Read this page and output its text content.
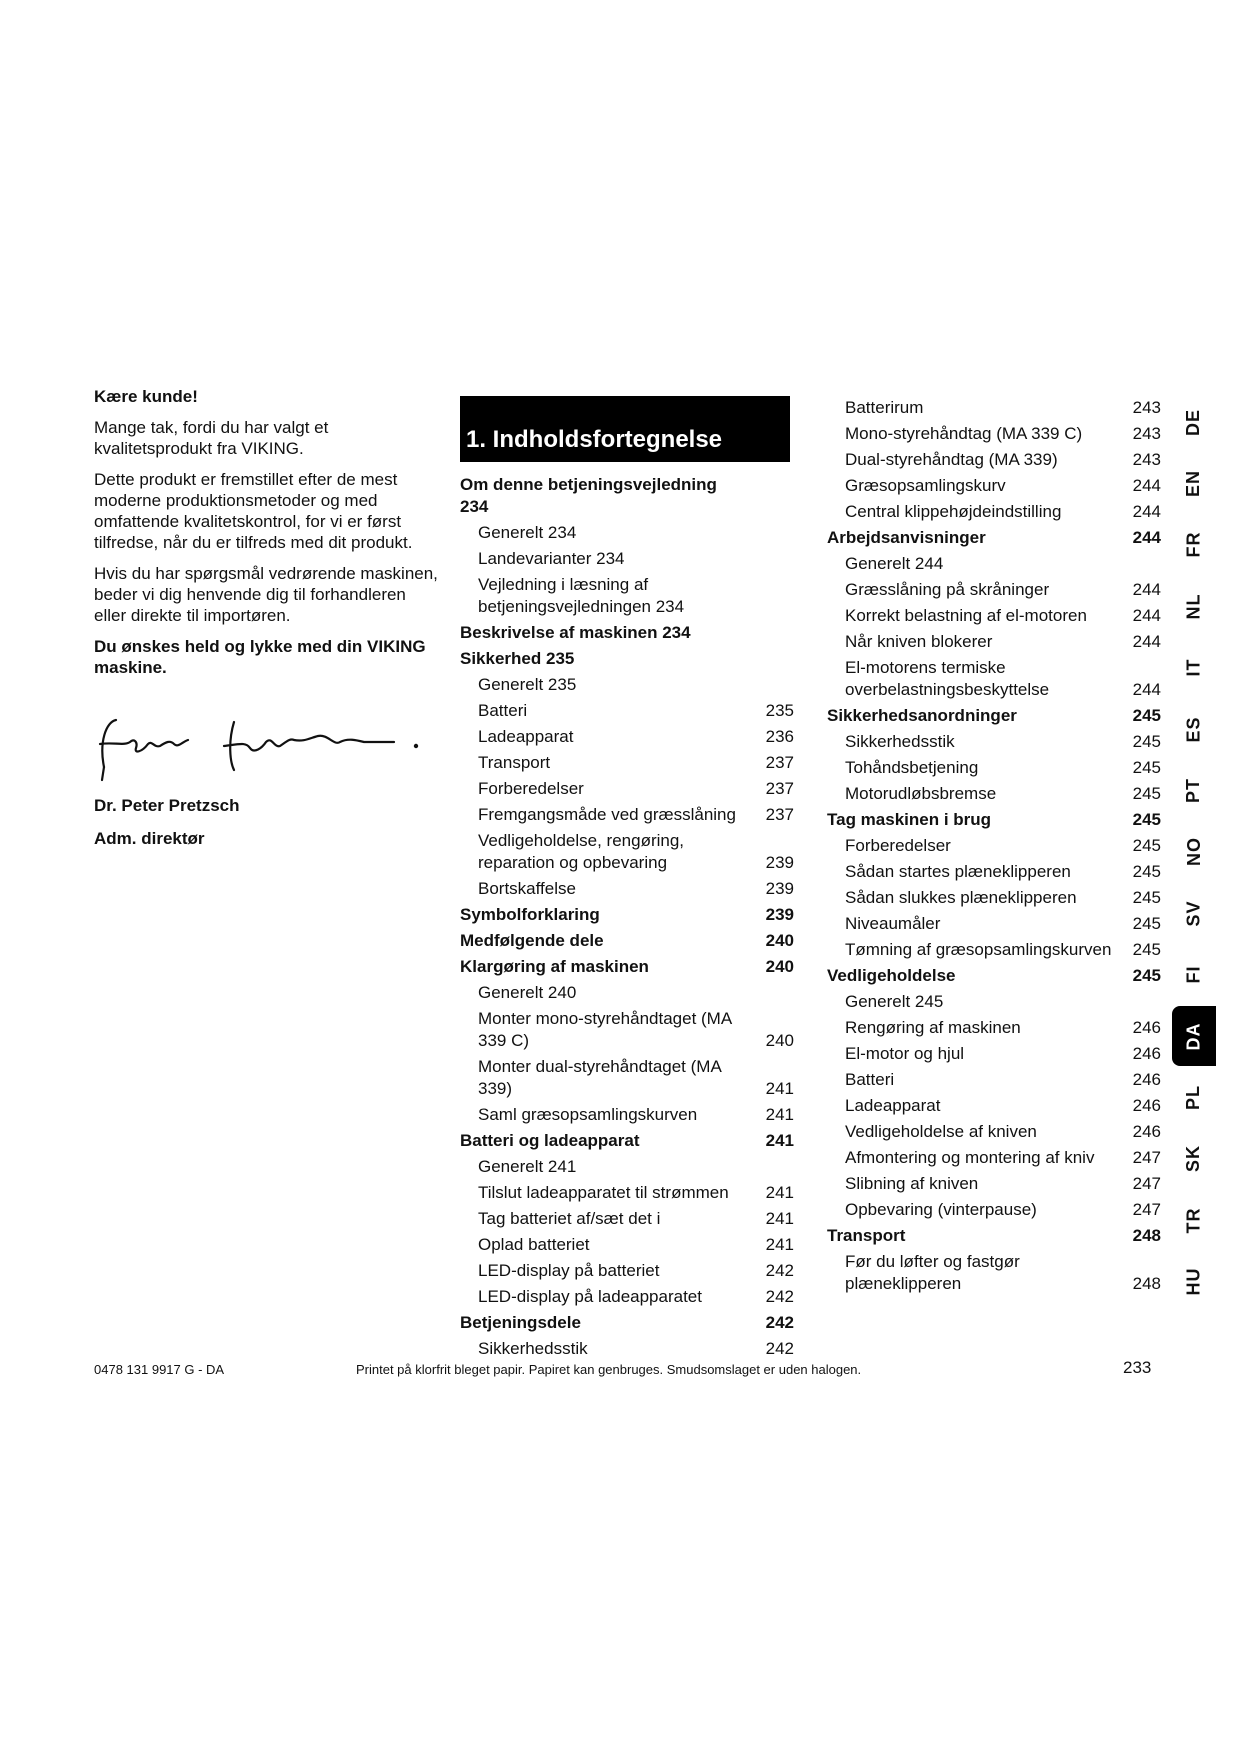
Kære kunde!

Mange tak, fordi du har valgt et kvalitetsprodukt fra VIKING.

Dette produkt er fremstillet efter de mest moderne produktionsmetoder og med omfattende kvalitetskontrol, for vi er først tilfredse, når du er tilfreds med dit produkt.

Hvis du har spørgsmål vedrørende maskinen, beder vi dig henvende dig til forhandleren eller direkte til importøren.

Du ønskes held og lykke med din VIKING maskine.

Dr. Peter Pretzsch
Adm. direktør
1. Indholdsfortegnelse
Om denne betjeningsvejledning 234
Generelt 234
Landevarianter 234
Vejledning i læsning af betjeningsvejledningen 234
Beskrivelse af maskinen 234
Sikkerhed 235
Generelt 235
Batteri	235
Ladeapparat	236
Transport	237
Forberedelser	237
Fremgangsmåde ved græsslåning	237
Vedligeholdelse, rengøring, reparation og opbevaring	239
Bortskaffelse	239
Symbolforklaring	239
Medfølgende dele	240
Klargøring af maskinen	240
Generelt 240
Monter mono-styrehåndtaget (MA 339 C)	240
Monter dual-styrehåndtaget (MA 339)	241
Saml græsopsamlingskurven	241
Batteri og ladeapparat	241
Generelt 241
Tilslut ladeapparatet til strømmen	241
Tag batteriet af/sæt det i	241
Oplad batteriet	241
LED-display på batteriet	242
LED-display på ladeapparatet	242
Betjeningsdele	242
Sikkerhedsstik	242
Batterirum	243
Mono-styrehåndtag (MA 339 C)	243
Dual-styrehåndtag (MA 339)	243
Græsopsamlingskurv	244
Central klippehøjdeindstilling	244
Arbejdsanvisninger	244
Generelt 244
Græsslåning på skråninger	244
Korrekt belastning af el-motoren	244
Når kniven blokerer	244
El-motorens termiske overbelastningsbeskyttelse	244
Sikkerhedsanordninger	245
Sikkerhedsstik	245
Tohåndsbetjening	245
Motorudløbsbremse	245
Tag maskinen i brug	245
Forberedelser	245
Sådan startes plæneklipperen	245
Sådan slukkes plæneklipperen	245
Niveaumåler	245
Tømning af græsopsamlingskurven	245
Vedligeholdelse	245
Generelt 245
Rengøring af maskinen	246
El-motor og hjul	246
Batteri	246
Ladeapparat	246
Vedligeholdelse af kniven	246
Afmontering og montering af kniv	247
Slibning af kniven	247
Opbevaring (vinterpause)	247
Transport	248
Før du løfter og fastgør plæneklipperen	248
DE
EN
FR
NL
IT
ES
PT
NO
SV
FI
DA
PL
SK
TR
HU
0478 131 9917 G - DA	Printet på klorfrit bleget papir. Papiret kan genbruges. Smudsomslaget er uden halogen.	233
